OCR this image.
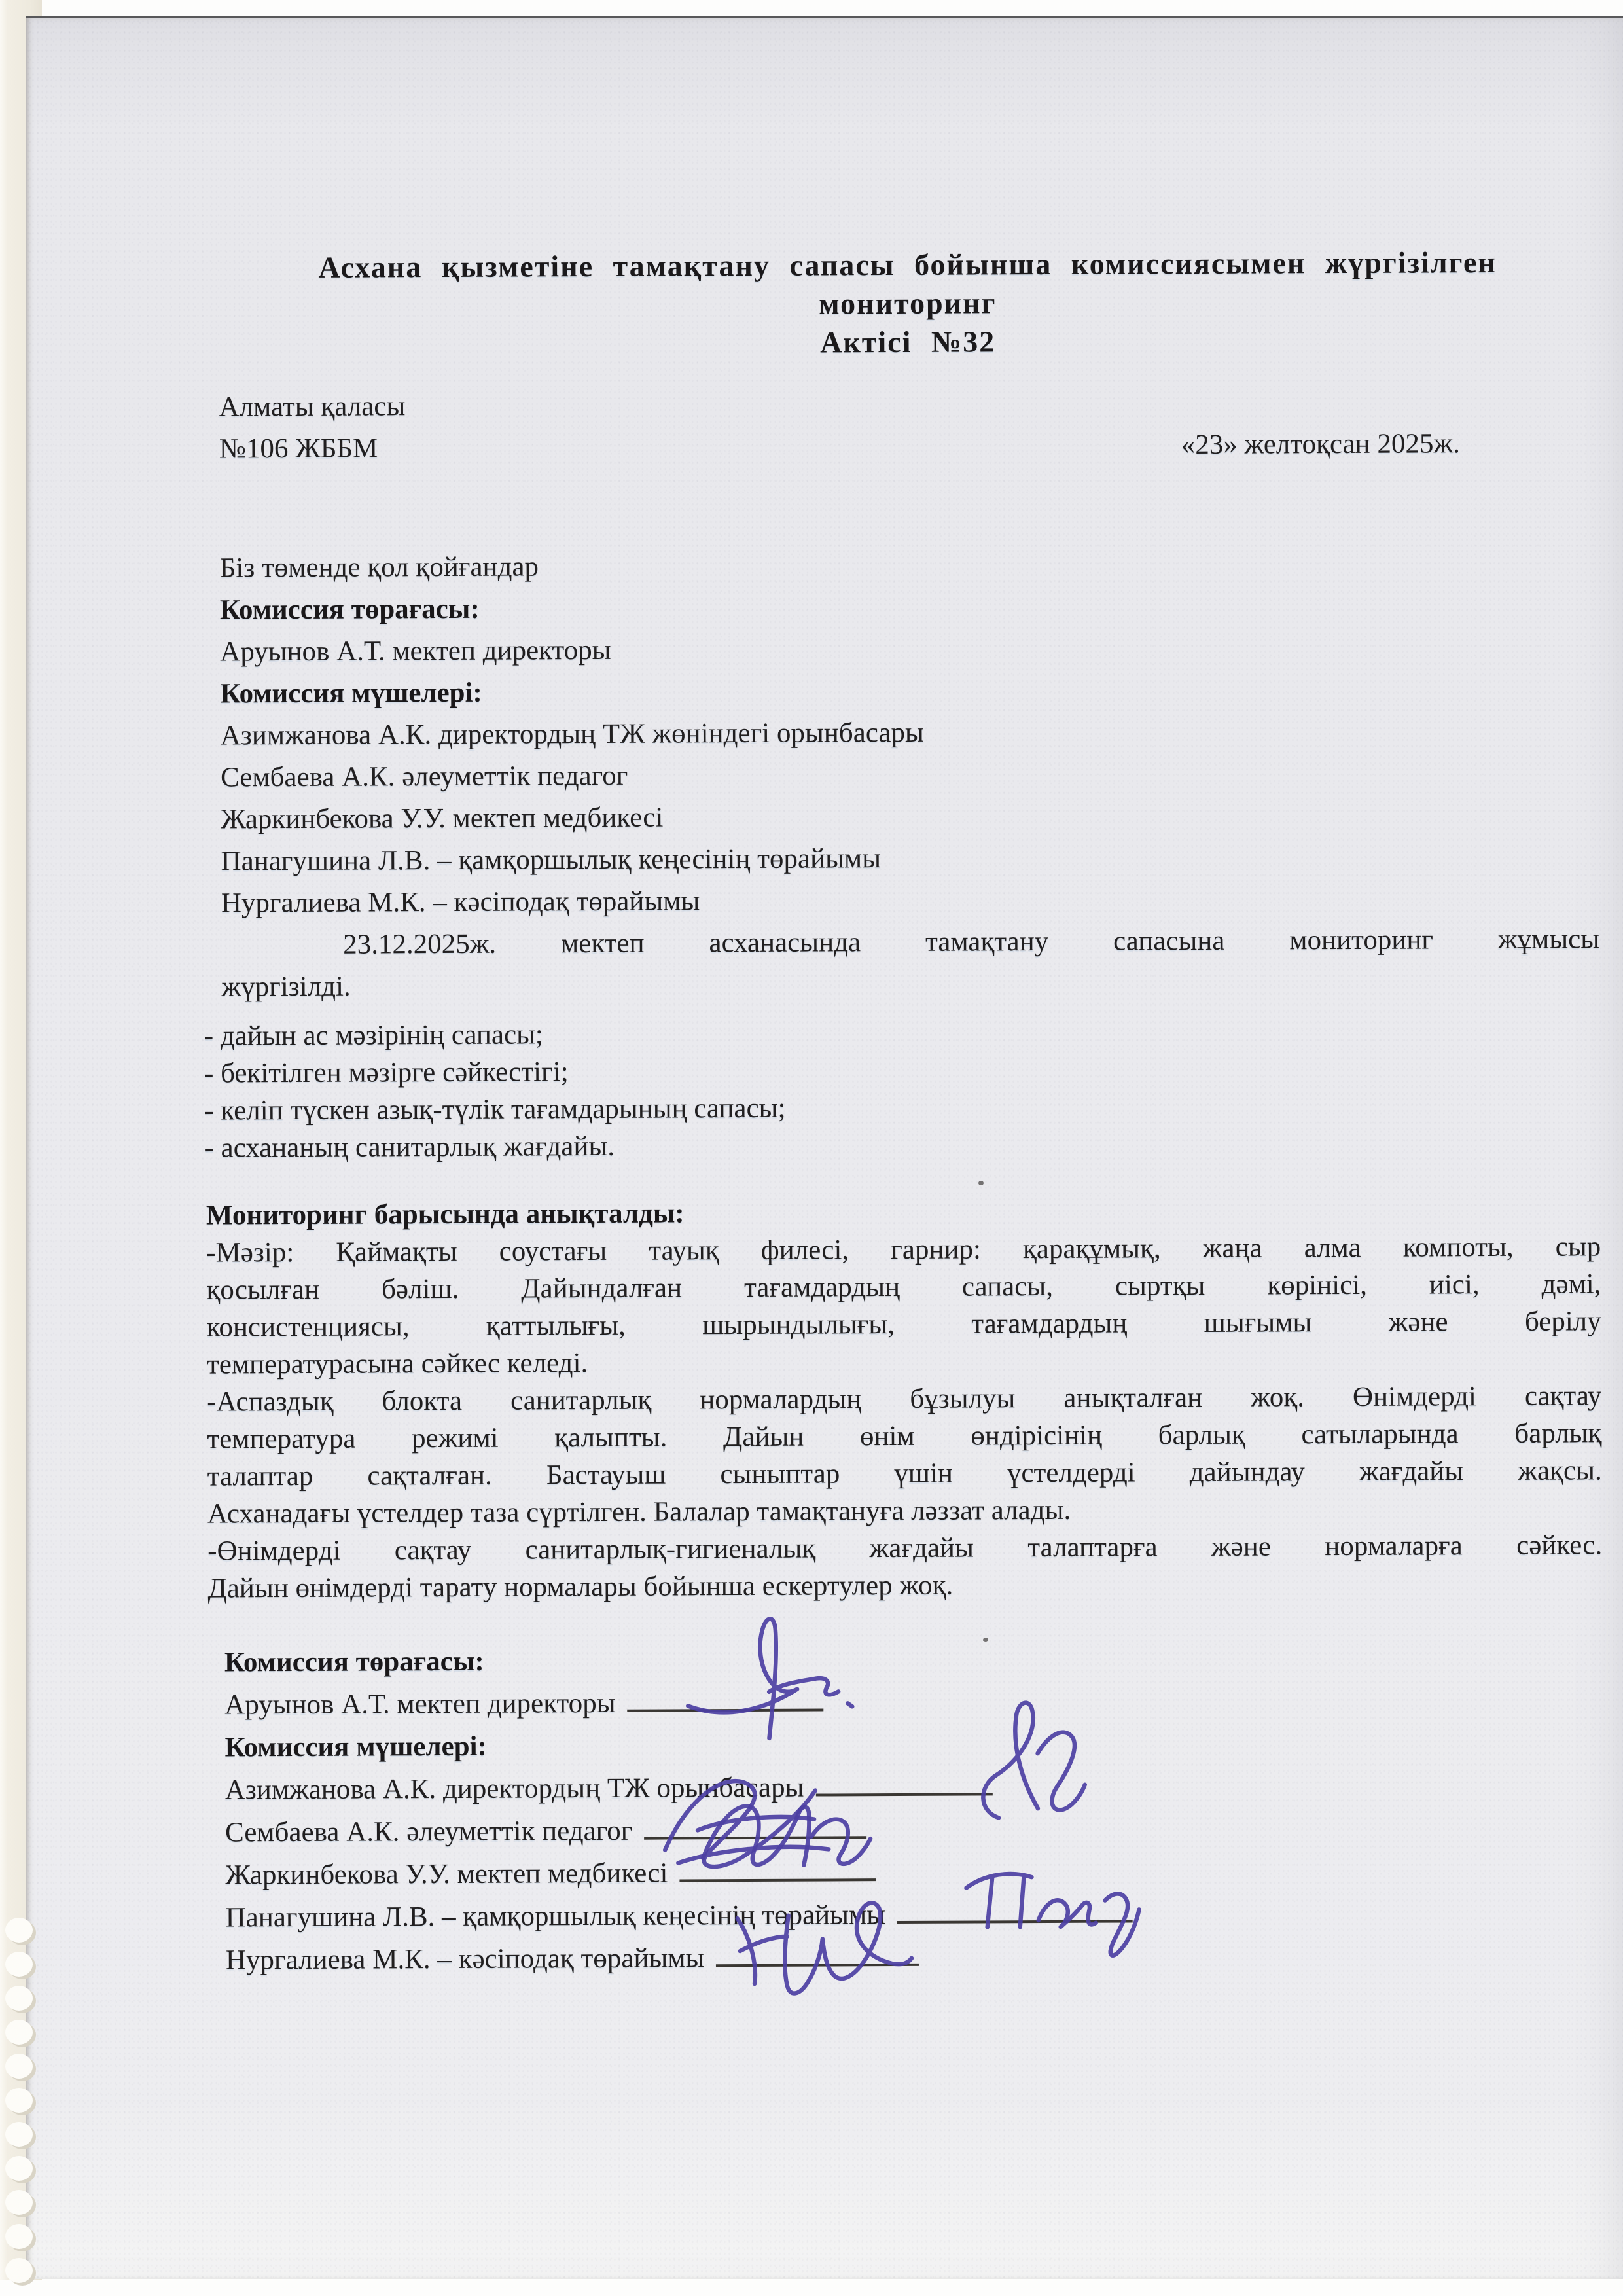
Асхана қызметіне тамақтану сапасы бойынша комиссиясымен жүргізілген
мониторинг
Актісі №32
Алматы қаласы
№106 ЖББМ	«23» желтоқсан 2025ж.
Біз төменде қол қойғандар
Комиссия төрағасы:
Аруынов А.Т. мектеп директоры
Комиссия мүшелері:
Азимжанова А.К. директордың ТЖ жөніндегі орынбасары
Сембаева А.К. әлеуметтік педагог
Жаркинбекова У.У. мектеп медбикесі
Панагушина Л.В. – қамқоршылық кеңесінің төрайымы
Нургалиева М.К. – кәсіподақ төрайымы
23.12.2025ж. мектеп асханасында тамақтану сапасына мониторинг жұмысы
жүргізілді.
- дайын ас мәзірінің сапасы;
- бекітілген мәзірге сәйкестігі;
- келіп түскен азық-түлік тағамдарының сапасы;
- асхананың санитарлық жағдайы.
Мониторинг барысында анықталды:
-Мәзір: Қаймақты соустағы тауық филесі, гарнир: қарақұмық, жаңа алма компоты, сыр
қосылған бәліш. Дайындалған тағамдардың сапасы, сыртқы көрінісі, иісі, дәмі,
консистенциясы, қаттылығы, шырындылығы, тағамдардың шығымы және берілу
температурасына сәйкес келеді.
-Аспаздық блокта санитарлық нормалардың бұзылуы анықталған жоқ. Өнімдерді сақтау
температура режимі қалыпты. Дайын өнім өндірісінің барлық сатыларында барлық
талаптар сақталған. Бастауыш сыныптар үшін үстелдерді дайындау жағдайы жақсы.
Асханадағы үстелдер таза сүртілген. Балалар тамақтануға ләззат алады.
-Өнімдерді сақтау санитарлық-гигиеналық жағдайы талаптарға және нормаларға сәйкес.
Дайын өнімдерді тарату нормалары бойынша ескертулер жоқ.
Комиссия төрағасы:
Аруынов А.Т. мектеп директоры
Комиссия мүшелері:
Азимжанова А.К. директордың ТЖ орынбасары
Сембаева А.К. әлеуметтік педагог
Жаркинбекова У.У. мектеп медбикесі
Панагушина Л.В. – қамқоршылық кеңесінің төрайымы
Нургалиева М.К. – кәсіподақ төрайымы
